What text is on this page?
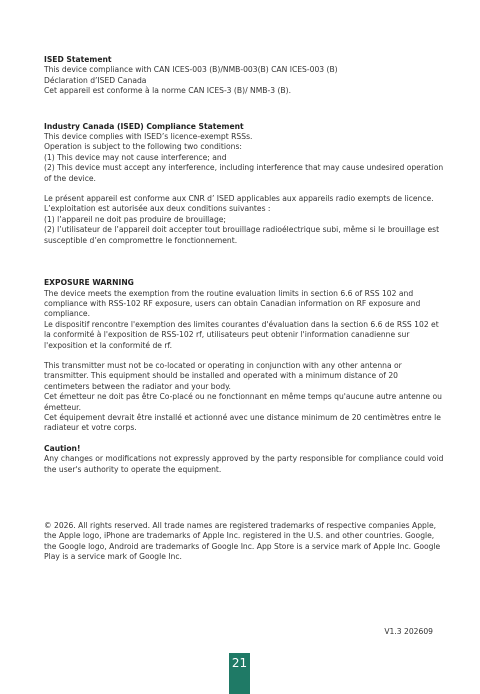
ISED Statement

This device compliance with CAN ICES-003 (B)/NMB-003(B) CAN ICES-003 (B)

Déclaration d’ISED Canada

Cet appareil est conforme à la norme CAN ICES-3 (B)/ NMB-3 (B).

Industry Canada (ISED) Compliance Statement

This device complies with ISED’s licence-exempt RSSs.

Operation is subject to the following two conditions:

(1) This device may not cause interference; and

(2) This device must accept any interference, including interference that may cause undesired operation of the device.

Le présent appareil est conforme aux CNR d’ ISED applicables aux appareils radio exempts de licence.

L’exploitation est autorisée aux deux conditions suivantes :

(1) l’appareil ne doit pas produire de brouillage;

(2) l’utilisateur de l’appareil doit accepter tout brouillage radioélectrique subi, même si le brouillage est susceptible d’en compromettre le fonctionnement.

EXPOSURE WARNING

The device meets the exemption from the routine evaluation limits in section 6.6 of RSS 102 and compliance with RSS-102 RF exposure, users can obtain Canadian information on RF exposure and compliance.

Le dispositif rencontre l'exemption des limites courantes d'évaluation dans la section 6.6 de RSS 102 et la conformité à l'exposition de RSS-102 rf, utilisateurs peut obtenir l'information canadienne sur l'exposition et la conformité de rf.

This transmitter must not be co-located or operating in conjunction with any other antenna or transmitter. This equipment should be installed and operated with a minimum distance of 20 centimeters between the radiator and your body.

Cet émetteur ne doit pas être Co-placé ou ne fonctionnant en même temps qu'aucune autre antenne ou émetteur.

Cet équipement devrait être installé et actionné avec une distance minimum de 20 centimètres entre le radiateur et votre corps.

Caution!

Any changes or modifications not expressly approved by the party responsible for compliance could void the user's authority to operate the equipment.

© 2026. All rights reserved. All trade names are registered trademarks of respective companies Apple, the Apple logo, iPhone are trademarks of Apple Inc. registered in the U.S. and other countries. Google, the Google logo, Android are trademarks of Google Inc. App Store is a service mark of Apple Inc. Google Play is a service mark of Google Inc.

V1.3 202609
21
